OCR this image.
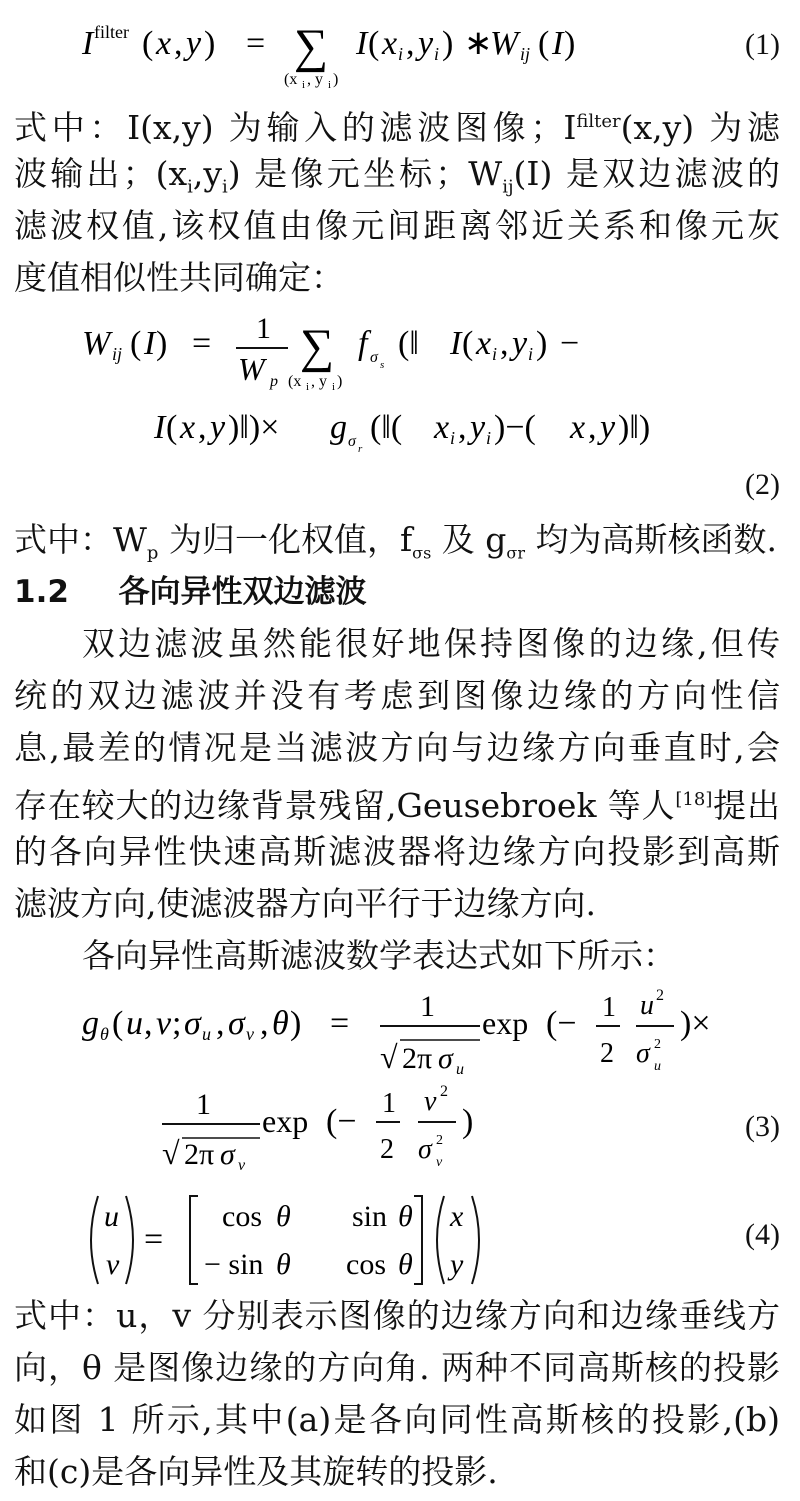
I filter ( x , y ) = ∑
(x i , y i )
I ( x i , y i ) ∗
W ij ( I )	(1)
式中：I(x,y) 为输入的滤波图像；$I^{filter}(x,y)$ 为滤
波输出；$(x_i,y_i)$ 是像元坐标；$W_{ij}(I)$ 是双边滤波的
滤波权值,该权值由像元间距离邻近关系和像元灰
度值相似性共同确定：
W ij ( I ) = 1
W p
∑
(x i , y i )
f σ s
(‖ I ( x i , y i ) −
I ( x , y )‖)× g σ r
(‖( x i , y i )−( x , y )‖)
(2)
式中：$W_p$ 为归一化权值，$f_{\sigma s}$ 及 $g_{\sigma r}$ 均为高斯核函数.
1.2 各向异性双边滤波
双边滤波虽然能很好地保持图像的边缘,但传
统的双边滤波并没有考虑到图像边缘的方向性信
息,最差的情况是当滤波方向与边缘方向垂直时,会
存在较大的边缘背景残留,Geusebroek 等人[18]提出
的各向异性快速高斯滤波器将边缘方向投影到高斯
滤波方向,使滤波器方向平行于边缘方向.
各向异性高斯滤波数学表达式如下所示：
g θ ( u , v ; σ u , σ v , θ ) = 1
√ 2π σ u
exp (− 1
2
u 2
σ 2
u
)×
1
√ 2π σ v
exp (− 1
2
v 2
σ 2
v
)	(3)
u
v
=
cos θ sin θ
− sin θ cos θ
x
y
(4)
式中：u，v 分别表示图像的边缘方向和边缘垂线方
向，θ 是图像边缘的方向角. 两种不同高斯核的投影
如图 1 所示,其中(a)是各向同性高斯核的投影,(b)
和(c)是各向异性及其旋转的投影.
